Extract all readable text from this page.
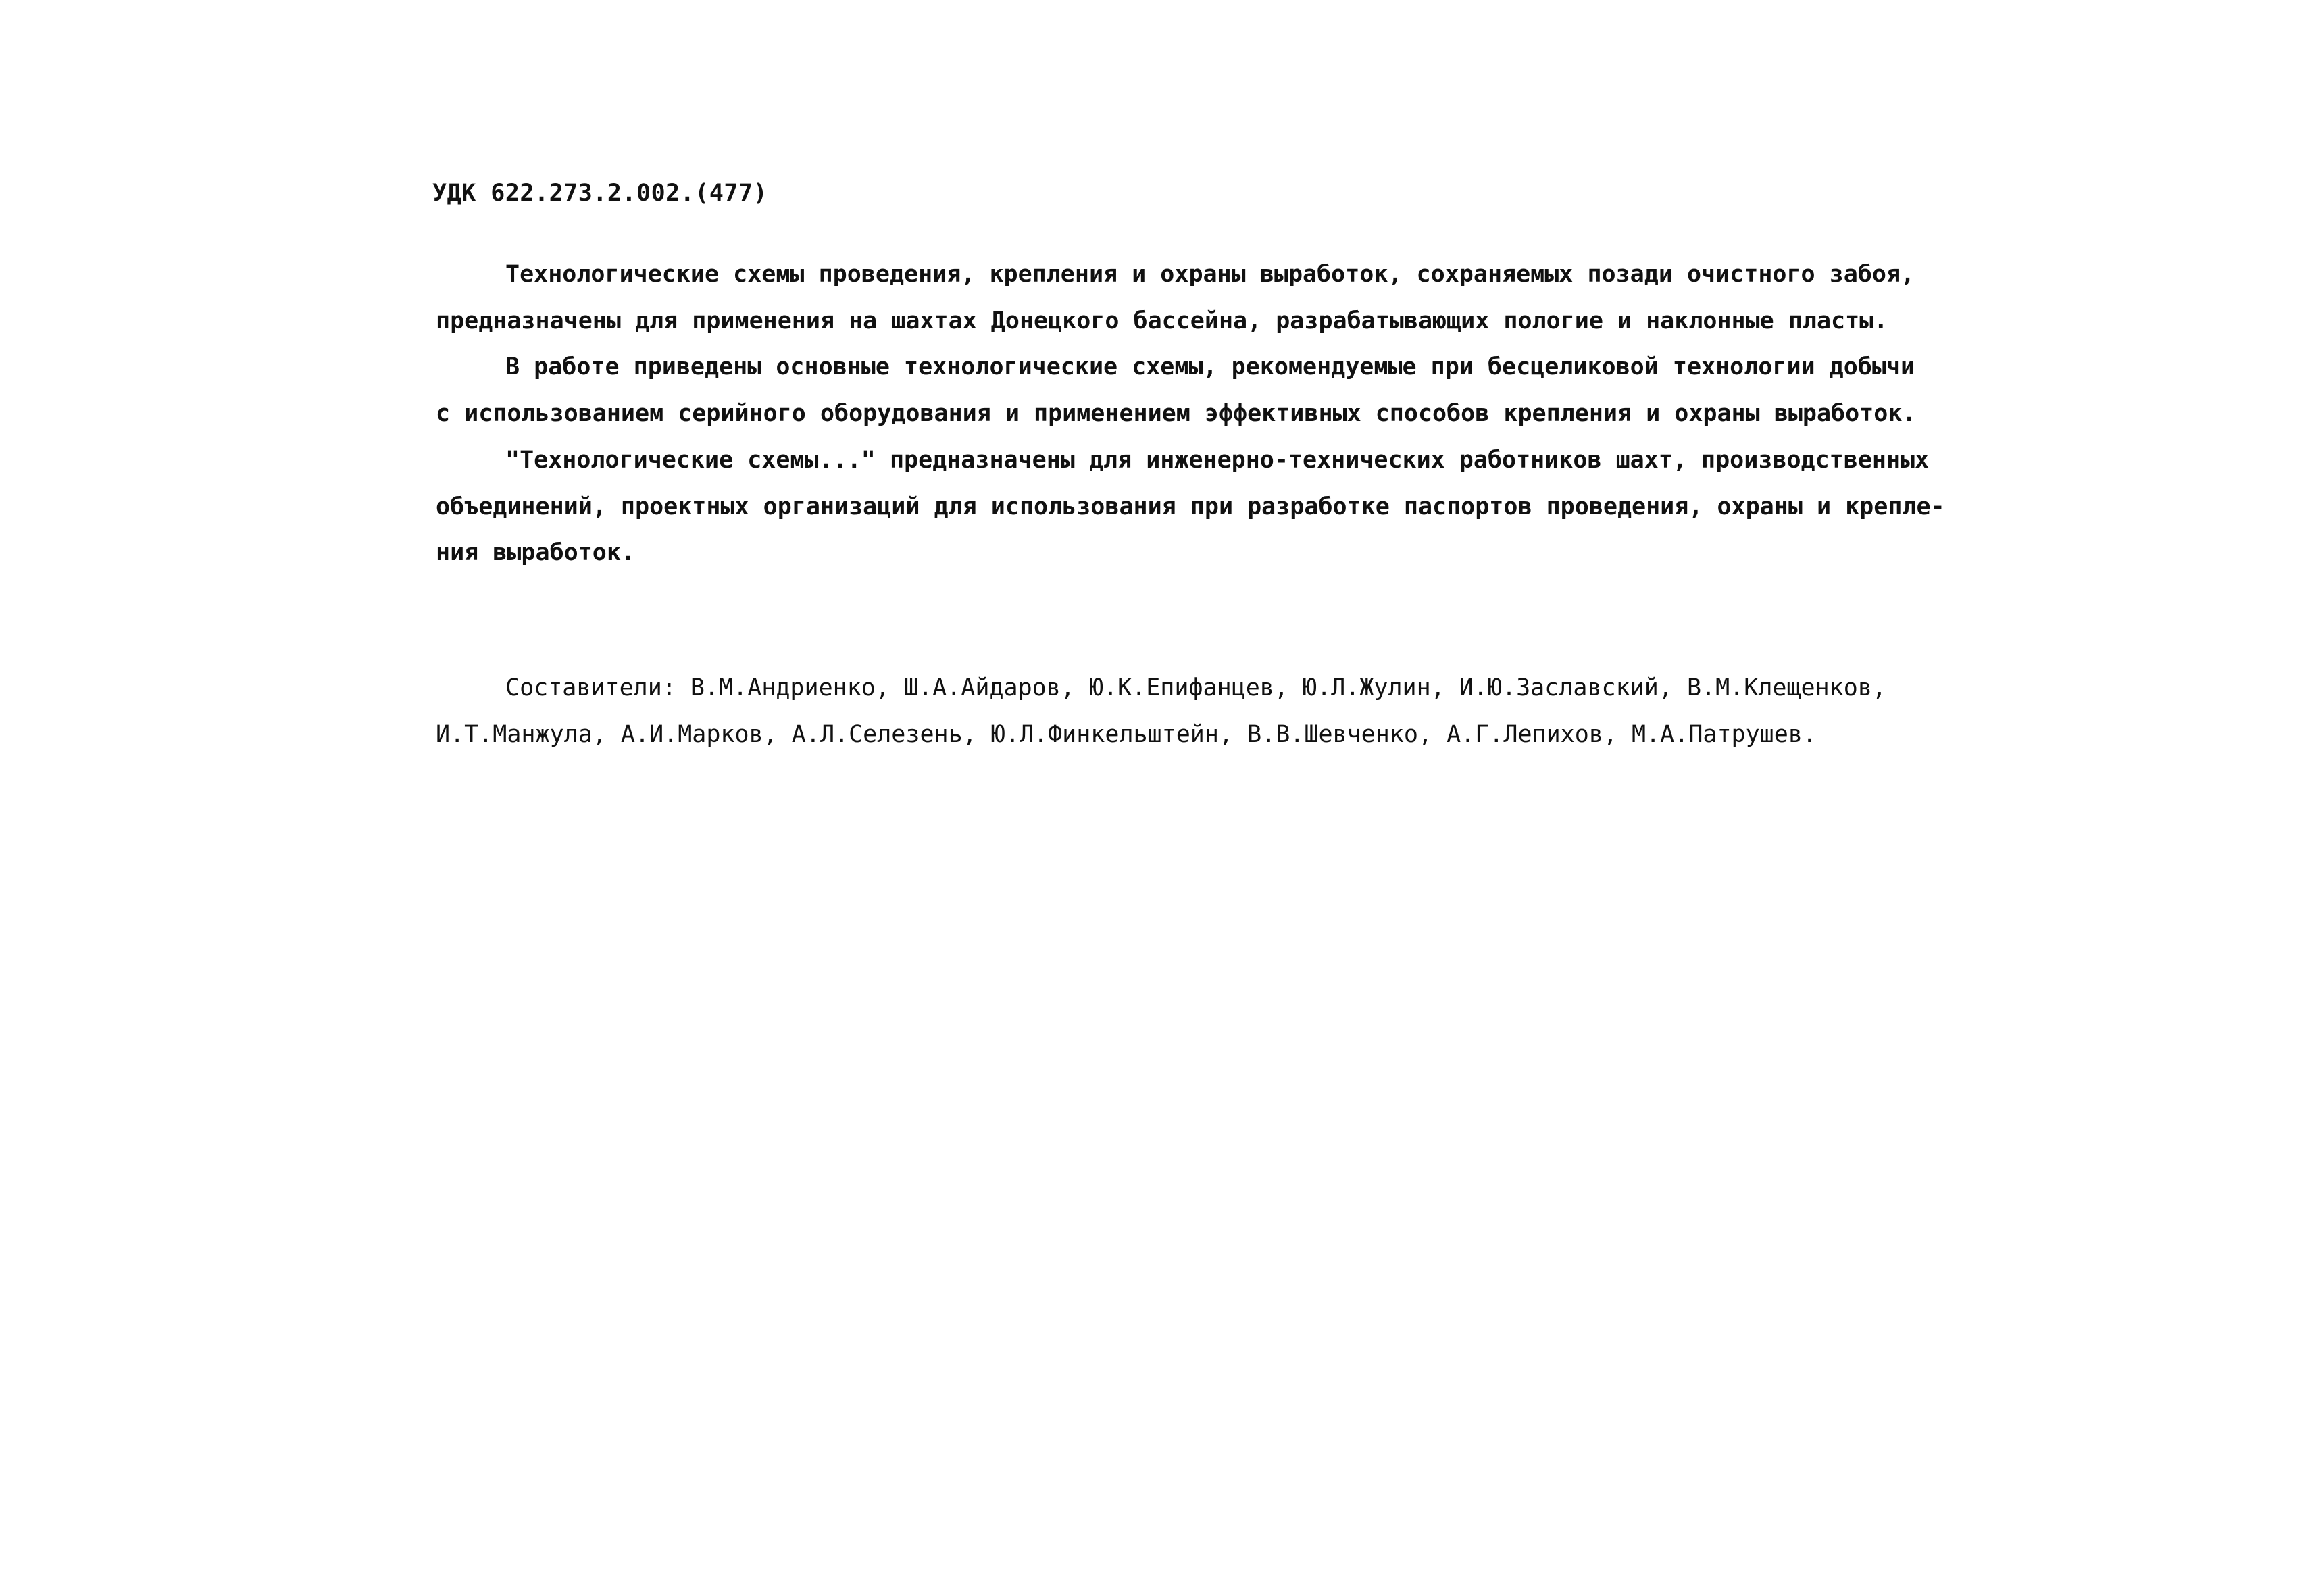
УДК 622.273.2.002.(477)
Технологические схемы проведения, крепления и охраны выработок, сохраняемых позади очистного забоя,
предназначены для применения на шахтах Донецкого бассейна, разрабатывающих пологие и наклонные пласты.
В работе приведены основные технологические схемы, рекомендуемые при бесцеликовой технологии добычи
с использованием серийного оборудования и применением эффективных способов крепления и охраны выработок.
"Технологические схемы..." предназначены для инженерно-технических работников шахт, производственных
объединений, проектных организаций для использования при разработке паспортов проведения, охраны и крепле-
ния выработок.
Составители: В.М.Андриенко, Ш.А.Айдаров, Ю.К.Епифанцев, Ю.Л.Жулин, И.Ю.Заславский, В.М.Клещенков,
И.Т.Манжула, А.И.Марков, А.Л.Селезень, Ю.Л.Финкельштейн, В.В.Шевченко, А.Г.Лепихов, М.А.Патрушев.
